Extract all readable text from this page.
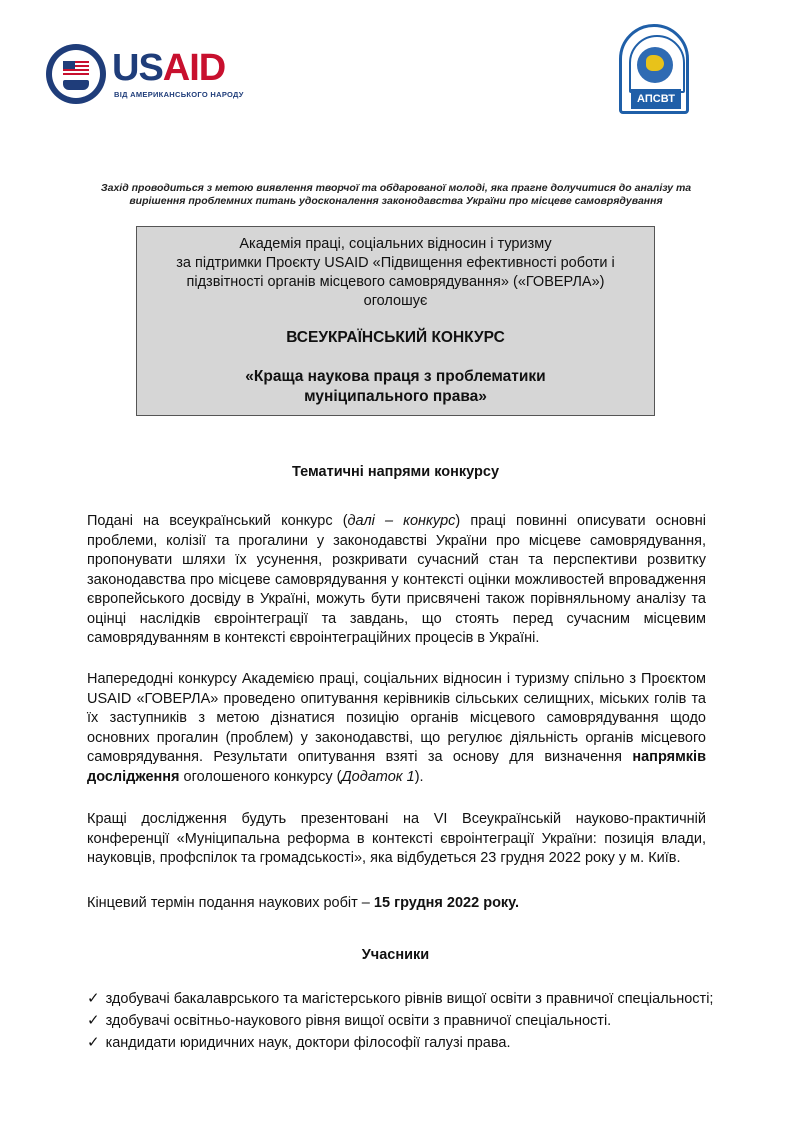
USAID
ВІД АМЕРИКАНСЬКОГО НАРОДУ	АПСВТ
Захід проводиться з метою виявлення творчої та обдарованої молоді, яка прагне долучитися до аналізу та
вирішення проблемних питань удосконалення законодавства України про місцеве самоврядування

Академія праці, соціальних відносин і туризму

за підтримки Проєкту USAID «Підвищення ефективності роботи і

підзвітності органів місцевого самоврядування» («ГОВЕРЛА»)

оголошує

ВСЕУКРАЇНСЬКИЙ КОНКУРС

«Краща наукова праця з проблематики

муніципального права»

Тематичні напрями конкурсу

Подані на всеукраїнський конкурс (далі – конкурс) праці повинні описувати основні проблеми, колізії та прогалини у законодавстві України про місцеве самоврядування, пропонувати шляхи їх усунення, розкривати сучасний стан та перспективи розвитку законодавства про місцеве самоврядування у контексті оцінки можливостей впровадження європейського досвіду в Україні, можуть бути присвячені також порівняльному аналізу та оцінці наслідків євроінтеграції та завдань, що стоять перед сучасним місцевим самоврядуванням в контексті євроінтеграційних процесів в Україні.

Напередодні конкурсу Академією праці, соціальних відносин і туризму спільно з Проєктом USAID «ГОВЕРЛА» проведено опитування керівників сільських селищних, міських голів та їх заступників з метою дізнатися позицію органів місцевого самоврядування щодо основних прогалин (проблем) у законодавстві, що регулює діяльність органів місцевого самоврядування. Результати опитування взяті за основу для визначення напрямків дослідження оголошеного конкурсу (Додаток 1).

Кращі дослідження будуть презентовані на VI Всеукраїнській науково-практичній конференції «Муніципальна реформа в контексті євроінтеграції України: позиція влади, науковців, профспілок та громадськості», яка відбудеться 23 грудня 2022 року у м. Київ.

Кінцевий термін подання наукових робіт – 15 грудня 2022 року.

Учасники
✓ здобувачі бакалаврського та магістерського рівнів вищої освіти з правничої спеціальності;
✓ здобувачі освітньо-наукового рівня вищої освіти з правничої спеціальності.
✓ кандидати юридичних наук, доктори філософії галузі права.
